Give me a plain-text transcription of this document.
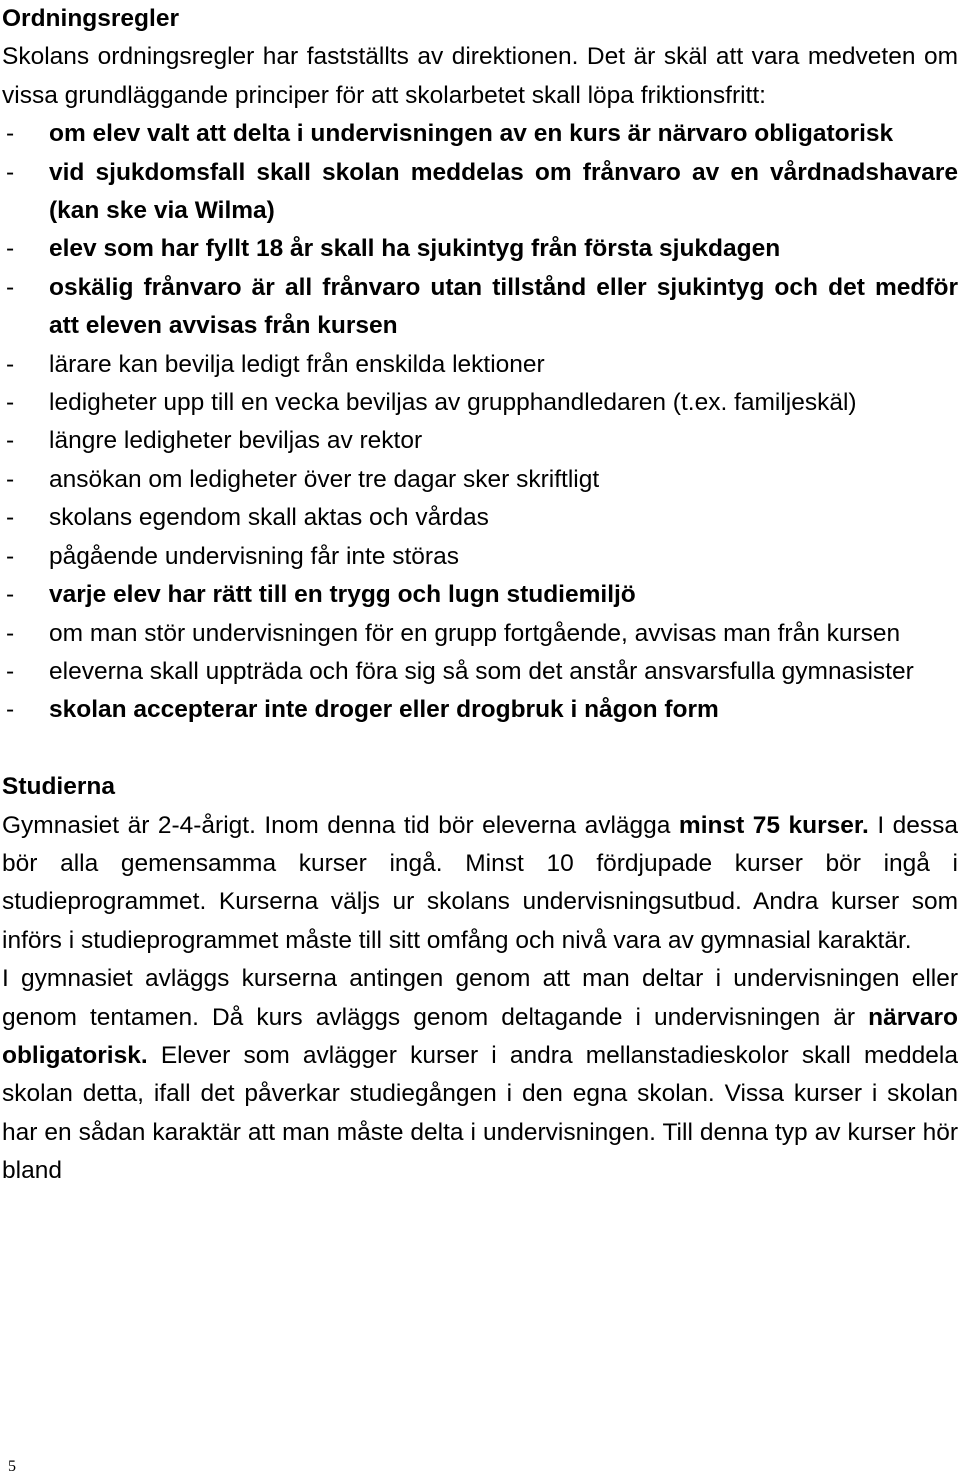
Ordningsregler

Skolans ordningsregler har fastställts av direktionen. Det är skäl att vara medveten om vissa grundläggande principer för att skolarbetet skall löpa friktionsfritt:

- om elev valt att delta i undervisningen av en kurs är närvaro obligatorisk
- vid sjukdomsfall skall skolan meddelas om frånvaro av en vårdnadshavare (kan ske via Wilma)
- elev som har fyllt 18 år skall ha sjukintyg från första sjukdagen
- oskälig frånvaro är all frånvaro utan tillstånd eller sjukintyg och det medför att eleven avvisas från kursen
- lärare kan bevilja ledigt från enskilda lektioner
- ledigheter upp till en vecka beviljas av grupphandledaren (t.ex. familjeskäl)
- längre ledigheter beviljas av rektor
- ansökan om ledigheter över tre dagar sker skriftligt
- skolans egendom skall aktas och vårdas
- pågående undervisning får inte störas
- varje elev har rätt till en trygg och lugn studiemiljö
- om man stör undervisningen för en grupp fortgående, avvisas man från kursen
- eleverna skall uppträda och föra sig så som det anstår ansvarsfulla gymnasister
- skolan accepterar inte droger eller drogbruk i någon form
Studierna

Gymnasiet är 2-4-årigt. Inom denna tid bör eleverna avlägga minst 75 kurser. I dessa bör alla gemensamma kurser ingå. Minst 10 fördjupade kurser bör ingå i studieprogrammet. Kurserna väljs ur skolans undervisningsutbud. Andra kurser som införs i studieprogrammet måste till sitt omfång och nivå vara av gymnasial karaktär.

I gymnasiet avläggs kurserna antingen genom att man deltar i undervisningen eller genom tentamen. Då kurs avläggs genom deltagande i undervisningen är närvaro obligatorisk. Elever som avlägger kurser i andra mellanstadieskolor skall meddela skolan detta, ifall det påverkar studiegången i den egna skolan. Vissa kurser i skolan har en sådan karaktär att man måste delta i undervisningen. Till denna typ av kurser hör bland

5
